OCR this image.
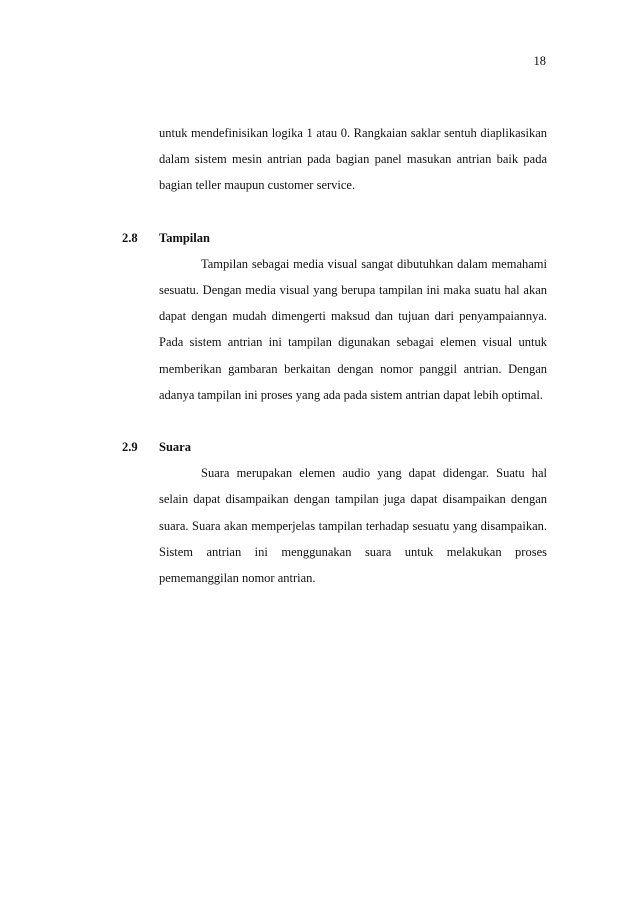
18

untuk mendefinisikan logika 1 atau 0. Rangkaian saklar sentuh diaplikasikan dalam sistem mesin antrian pada bagian panel masukan antrian baik pada bagian teller maupun customer service.

2.8 Tampilan

Tampilan sebagai media visual sangat dibutuhkan dalam memahami sesuatu. Dengan media visual yang berupa tampilan ini maka suatu hal akan dapat dengan mudah dimengerti maksud dan tujuan dari penyampaiannya. Pada sistem antrian ini tampilan digunakan sebagai elemen visual untuk memberikan gambaran berkaitan dengan nomor panggil antrian. Dengan adanya tampilan ini proses yang ada pada sistem antrian dapat lebih optimal.

2.9 Suara

Suara merupakan elemen audio yang dapat didengar. Suatu hal selain dapat disampaikan dengan tampilan juga dapat disampaikan dengan suara. Suara akan memperjelas tampilan terhadap sesuatu yang disampaikan. Sistem antrian ini menggunakan suara untuk melakukan proses pememanggilan nomor antrian.
